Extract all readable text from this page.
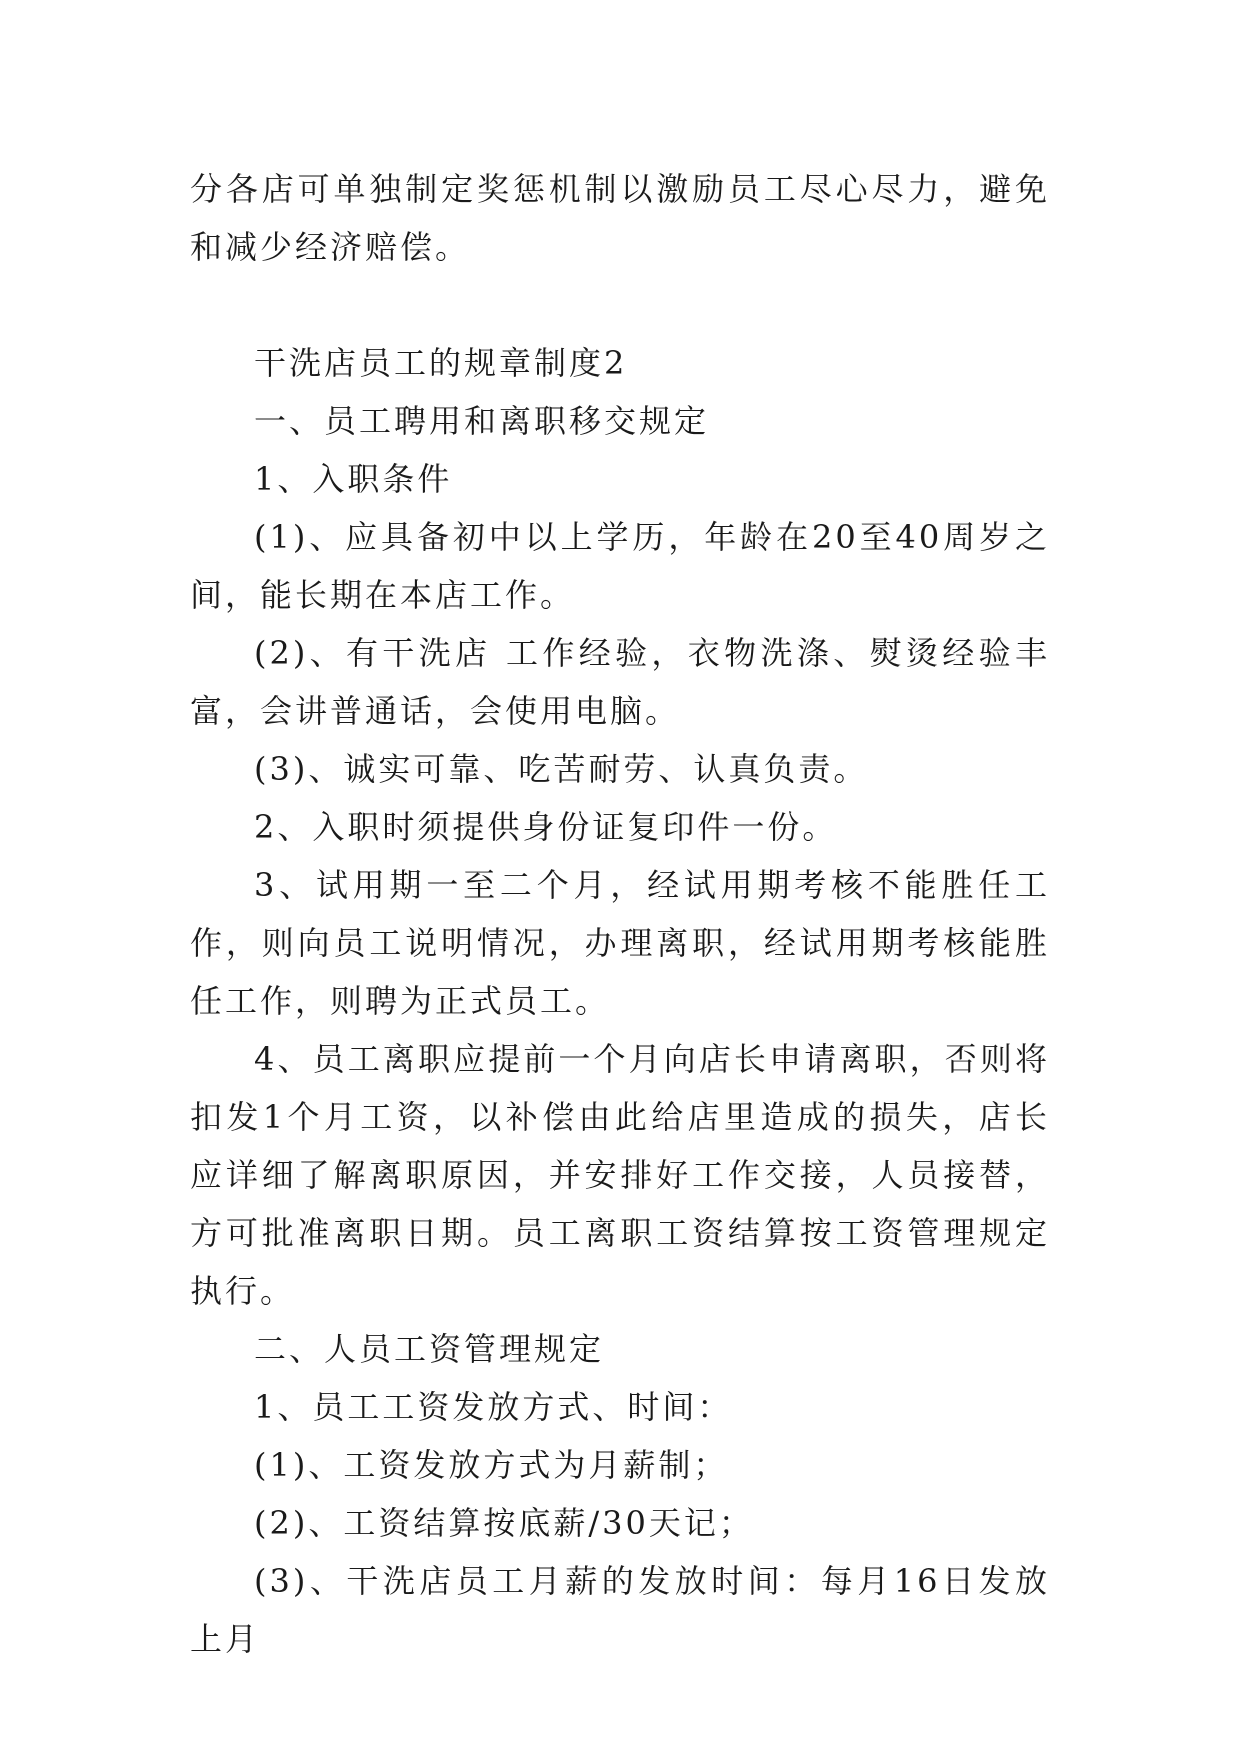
分各店可单独制定奖惩机制以激励员工尽心尽力，避免和减少经济赔偿。

干洗店员工的规章制度2

一、员工聘用和离职移交规定

1、入职条件

(1)、应具备初中以上学历，年龄在20至40周岁之间，能长期在本店工作。

(2)、有干洗店 工作经验，衣物洗涤、熨烫经验丰富，会讲普通话，会使用电脑。

(3)、诚实可靠、吃苦耐劳、认真负责。

2、入职时须提供身份证复印件一份。

3、试用期一至二个月，经试用期考核不能胜任工作，则向员工说明情况，办理离职，经试用期考核能胜任工作，则聘为正式员工。

4、员工离职应提前一个月向店长申请离职，否则将扣发1个月工资，以补偿由此给店里造成的损失，店长应详细了解离职原因，并安排好工作交接，人员接替，方可批准离职日期。员工离职工资结算按工资管理规定执行。

二、人员工资管理规定

1、员工工资发放方式、时间：

(1)、工资发放方式为月薪制；

(2)、工资结算按底薪/30天记；

(3)、干洗店员工月薪的发放时间：每月16日发放上月
